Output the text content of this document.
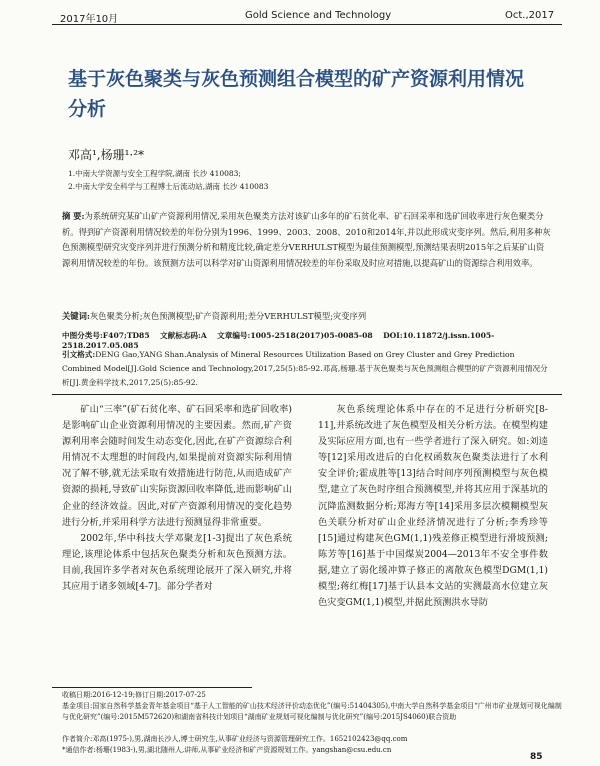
2017年10月	Gold Science and Technology	Oct.,2017
基于灰色聚类与灰色预测组合模型的矿产资源利用情况分析
邓高¹,杨珊¹·²*
1.中南大学资源与安全工程学院,湖南 长沙 410083;
2.中南大学安全科学与工程博士后流动站,湖南 长沙 410083
摘 要:为系统研究某矿山矿产资源利用情况,采用灰色聚类方法对该矿山多年的矿石贫化率、矿石回采率和选矿回收率进行灰色聚类分析。得到矿产资源利用情况较差的年份分别为1996、1999、2003、2008、2010和2014年,并以此形成灾变序列。然后,利用多种灰色预测模型研究灾变序列并进行预测分析和精度比较,确定差分VERHULST模型为最佳预测模型,预测结果表明2015年之后某矿山资源利用情况较差的年份。该预测方法可以科学对矿山资源利用情况较差的年份采取及时应对措施,以提高矿山的资源综合利用效率。
关键词:灰色聚类分析;灰色预测模型;矿产资源利用;差分VERHULST模型;灾变序列
中图分类号:F407;TD85 文献标志码:A 文章编号:1005-2518(2017)05-0085-08 DOI:10.11872/j.issn.1005-2518.2017.05.085
引文格式:DENG Gao,YANG Shan.Analysis of Mineral Resources Utilization Based on Grey Cluster and Grey Prediction Combined Model[J].Gold Science and Technology,2017,25(5):85-92.邓高,杨珊.基于灰色聚类与灰色预测组合模型的矿产资源利用情况分析[J].黄金科学技术,2017,25(5):85-92.

矿山“三率”(矿石贫化率、矿石回采率和选矿回收率)是影响矿山企业资源利用情况的主要因素。然而,矿产资源利用率会随时间发生动态变化,因此,在矿产资源综合利用情况不太理想的时间段内,如果提前对资源实际利用情况了解不够,就无法采取有效措施进行防范,从而造成矿产资源的损耗,导致矿山实际资源回收率降低,进而影响矿山企业的经济效益。因此,对矿产资源利用情况的变化趋势进行分析,并采用科学方法进行预测显得非常重要。

2002年,华中科技大学邓聚龙[1-3]提出了灰色系统理论,该理论体系中包括灰色聚类分析和灰色预测方法。目前,我国许多学者对灰色系统理论展开了深入研究,并将其应用于诸多领域[4-7]。部分学者对

灰色系统理论体系中存在的不足进行分析研究[8-11],并系统改进了灰色模型及相关分析方法。在模型构建及实际应用方面,也有一些学者进行了深入研究。如:刘逵等[12]采用改进后的白化权函数灰色聚类法进行了水利安全评价;霍成胜等[13]结合时间序列预测模型与灰色模型,建立了灰色时序组合预测模型,并将其应用于深基坑的沉降监测数据分析;郑海方等[14]采用多层次模糊模型灰色关联分析对矿山企业经济情况进行了分析;李秀珍等[15]通过构建灰色GM(1,1)残差修正模型进行滑坡预测;陈芳等[16]基于中国煤炭2004—2013年不安全事件数据,建立了弱化缓冲算子修正的离散灰色模型DGM(1,1)模型;蒋红梅[17]基于认县本文站的实测最高水位建立灰色灾变GM(1,1)模型,并据此预测洪水导防

收稿日期:2016-12-19;修订日期:2017-07-25
基金项目:国家自然科学基金青年基金项目“基于人工智能的矿山技术经济评价动态优化”(编号:51404305),中南大学自然科学基金项目“广州市矿业规划可视化编制与优化研究”(编号:2015M572620)和湖南省科技计划项目“湖南矿业规划可视化编制与优化研究”(编号:2015JS4060)联合资助
作者简介:邓高(1975-),男,湖南长沙人,博士研究生,从事矿业经济与资源管理研究工作。1652102423@qq.com
*通信作者:杨珊(1983-),男,湖北随州人,讲师,从事矿业经济和矿产资源规划工作。yangshan@csu.edu.cn
85
